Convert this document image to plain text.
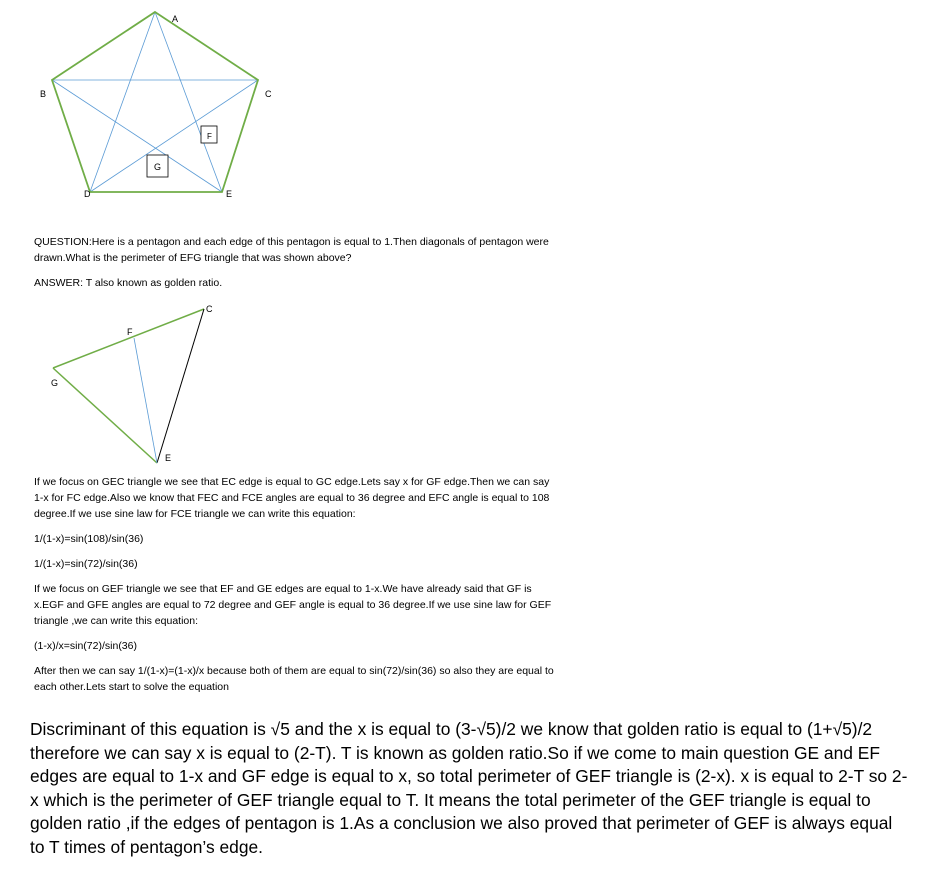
A
B	C
D	E
F
G

QUESTION:Here is a pentagon and each edge of this pentagon is equal to 1.Then diagonals of pentagon were drawn.What is the perimeter of EFG triangle that was shown above?

ANSWER: T also known as golden ratio.

C
F
G
E

If we focus on GEC triangle we see that EC edge is equal to GC edge.Lets say x for GF edge.Then we can say 1-x for FC edge.Also we know that FEC and FCE angles are equal to 36 degree and EFC angle is equal to 108 degree.If we use sine law for FCE triangle we can write this equation:

1/(1-x)=sin(108)/sin(36)

1/(1-x)=sin(72)/sin(36)

If we focus on GEF triangle we see that EF and GE edges are equal to 1-x.We have already said that GF is x.EGF and GFE angles are equal to 72 degree and GEF angle is equal to 36 degree.If we use sine law for GEF triangle ,we can write this equation:

(1-x)/x=sin(72)/sin(36)

After then we can say 1/(1-x)=(1-x)/x because both of them are equal to sin(72)/sin(36) so also they are equal to each other.Lets start to solve the equation

Discriminant of this equation is √5 and the x is equal to (3-√5)/2 we know that golden ratio is equal to (1+√5)/2 therefore we can say x is equal to (2-T). T is known as golden ratio.So if we come to main question GE and EF edges are equal to 1-x and GF edge is equal to x, so total perimeter of GEF triangle is (2-x). x is equal to 2-T so 2-x which is the perimeter of GEF triangle equal to T. It means the total perimeter of the GEF triangle is equal to golden ratio ,if the edges of pentagon is 1.As a conclusion we also proved that perimeter of GEF is always equal to T times of pentagon’s edge.
